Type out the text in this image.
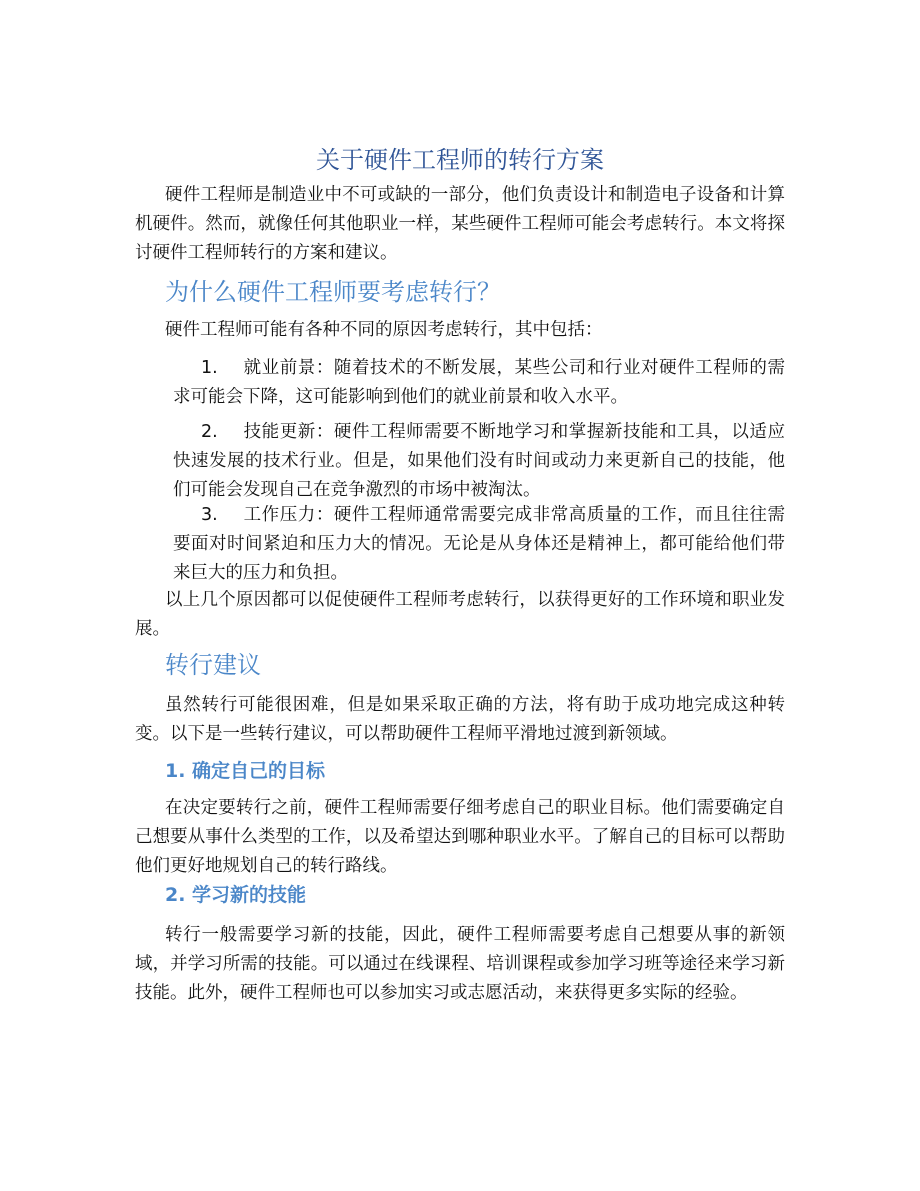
关于硬件工程师的转行方案
硬件工程师是制造业中不可或缺的一部分，他们负责设计和制造电子设备和计算机硬件。然而，就像任何其他职业一样，某些硬件工程师可能会考虑转行。本文将探讨硬件工程师转行的方案和建议。
为什么硬件工程师要考虑转行？
硬件工程师可能有各种不同的原因考虑转行，其中包括：
1. 就业前景：随着技术的不断发展，某些公司和行业对硬件工程师的需求可能会下降，这可能影响到他们的就业前景和收入水平。
2. 技能更新：硬件工程师需要不断地学习和掌握新技能和工具，以适应快速发展的技术行业。但是，如果他们没有时间或动力来更新自己的技能，他们可能会发现自己在竞争激烈的市场中被淘汰。
3. 工作压力：硬件工程师通常需要完成非常高质量的工作，而且往往需要面对时间紧迫和压力大的情况。无论是从身体还是精神上，都可能给他们带来巨大的压力和负担。
以上几个原因都可以促使硬件工程师考虑转行，以获得更好的工作环境和职业发展。
转行建议
虽然转行可能很困难，但是如果采取正确的方法，将有助于成功地完成这种转变。以下是一些转行建议，可以帮助硬件工程师平滑地过渡到新领域。
1. 确定自己的目标
在决定要转行之前，硬件工程师需要仔细考虑自己的职业目标。他们需要确定自己想要从事什么类型的工作，以及希望达到哪种职业水平。了解自己的目标可以帮助他们更好地规划自己的转行路线。
2. 学习新的技能
转行一般需要学习新的技能，因此，硬件工程师需要考虑自己想要从事的新领域，并学习所需的技能。可以通过在线课程、培训课程或参加学习班等途径来学习新技能。此外，硬件工程师也可以参加实习或志愿活动，来获得更多实际的经验。
